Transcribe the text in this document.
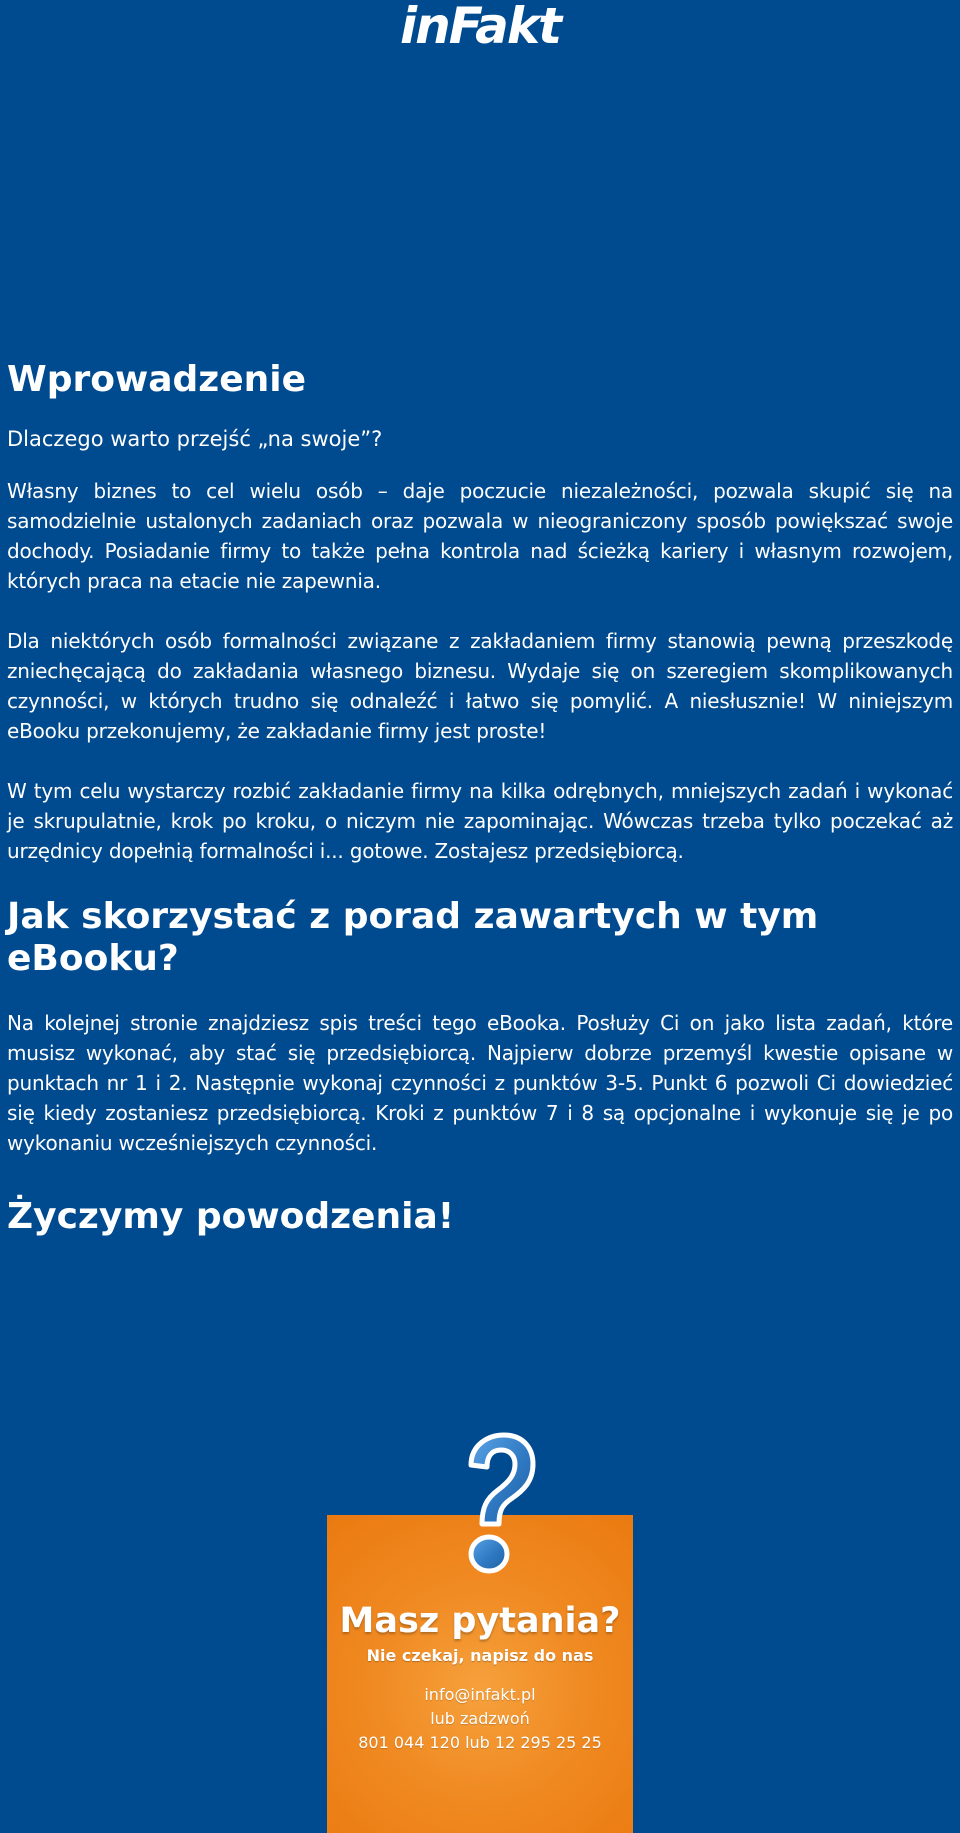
inFakt
Wprowadzenie

Dlaczego warto przejść „na swoje”?

Własny biznes to cel wielu osób – daje poczucie niezależności, pozwala skupić się na samodzielnie ustalonych zadaniach oraz pozwala w nieograniczony sposób powiększać swoje dochody. Posiadanie firmy to także pełna kontrola nad ścieżką kariery i własnym rozwojem, których praca na etacie nie zapewnia.

Dla niektórych osób formalności związane z zakładaniem firmy stanowią pewną przeszkodę zniechęcającą do zakładania własnego biznesu. Wydaje się on szeregiem skomplikowanych czynności, w których trudno się odnaleźć i łatwo się pomylić. A niesłusznie! W niniejszym eBooku przekonujemy, że zakładanie firmy jest proste!

W tym celu wystarczy rozbić zakładanie firmy na kilka odrębnych, mniejszych zadań i wykonać je skrupulatnie, krok po kroku, o niczym nie zapominając. Wówczas trzeba tylko poczekać aż urzędnicy dopełnią formalności i... gotowe. Zostajesz przedsiębiorcą.

Jak skorzystać z porad zawartych w tym eBooku?

Na kolejnej stronie znajdziesz spis treści tego eBooka. Posłuży Ci on jako lista zadań, które musisz wykonać, aby stać się przedsiębiorcą. Najpierw dobrze przemyśl kwestie opisane w punktach nr 1 i 2. Następnie wykonaj czynności z punktów 3-5. Punkt 6 pozwoli Ci dowiedzieć się kiedy zostaniesz przedsiębiorcą. Kroki z punktów 7 i 8 są opcjonalne i wykonuje się je po wykonaniu wcześniejszych czynności.

Życzymy powodzenia!
Masz pytania?
Nie czekaj, napisz do nas
info@infakt.pl
lub zadzwoń
801 044 120 lub 12 295 25 25
